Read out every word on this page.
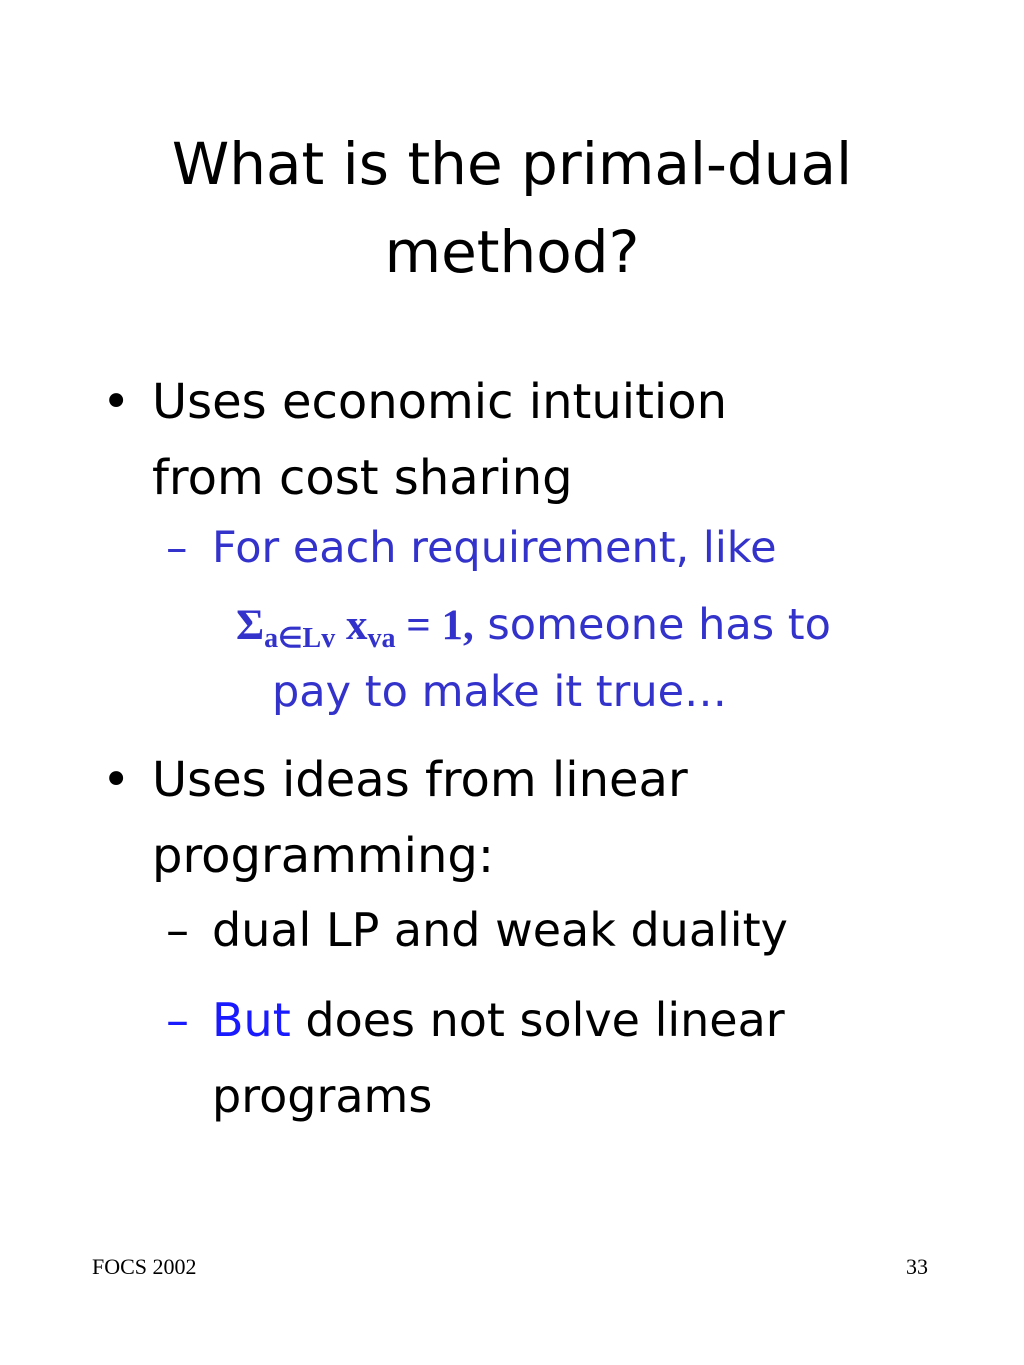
What is the primal-dual
method?
• Uses economic intuition
from cost sharing
– For each requirement, like
$\Sigma_{a\in Lv}$ $x_{va} = 1$, someone has to
pay to make it true…
• Uses ideas from linear
programming:
– dual LP and weak duality
– But does not solve linear
programs
FOCS 2002	33
